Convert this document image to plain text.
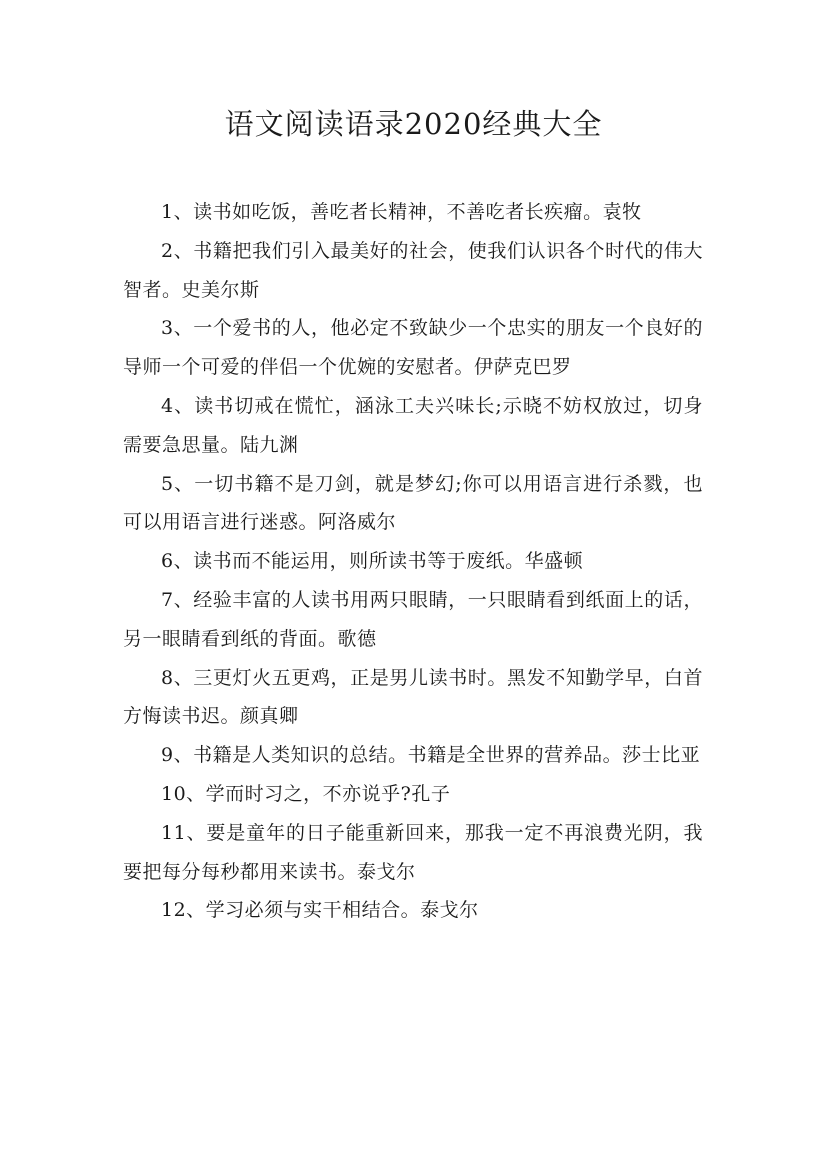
语文阅读语录2020经典大全

1、读书如吃饭，善吃者长精神，不善吃者长疾瘤。袁牧

2、书籍把我们引入最美好的社会，使我们认识各个时代的伟大智者。史美尔斯

3、一个爱书的人，他必定不致缺少一个忠实的朋友一个良好的导师一个可爱的伴侣一个优婉的安慰者。伊萨克巴罗

4、读书切戒在慌忙，涵泳工夫兴味长;示晓不妨权放过，切身需要急思量。陆九渊

5、一切书籍不是刀剑，就是梦幻;你可以用语言进行杀戮，也可以用语言进行迷惑。阿洛威尔

6、读书而不能运用，则所读书等于废纸。华盛顿

7、经验丰富的人读书用两只眼睛，一只眼睛看到纸面上的话，另一眼睛看到纸的背面。歌德

8、三更灯火五更鸡，正是男儿读书时。黑发不知勤学早，白首方悔读书迟。颜真卿

9、书籍是人类知识的总结。书籍是全世界的营养品。莎士比亚

10、学而时习之，不亦说乎?孔子

11、要是童年的日子能重新回来，那我一定不再浪费光阴，我要把每分每秒都用来读书。泰戈尔

12、学习必须与实干相结合。泰戈尔
